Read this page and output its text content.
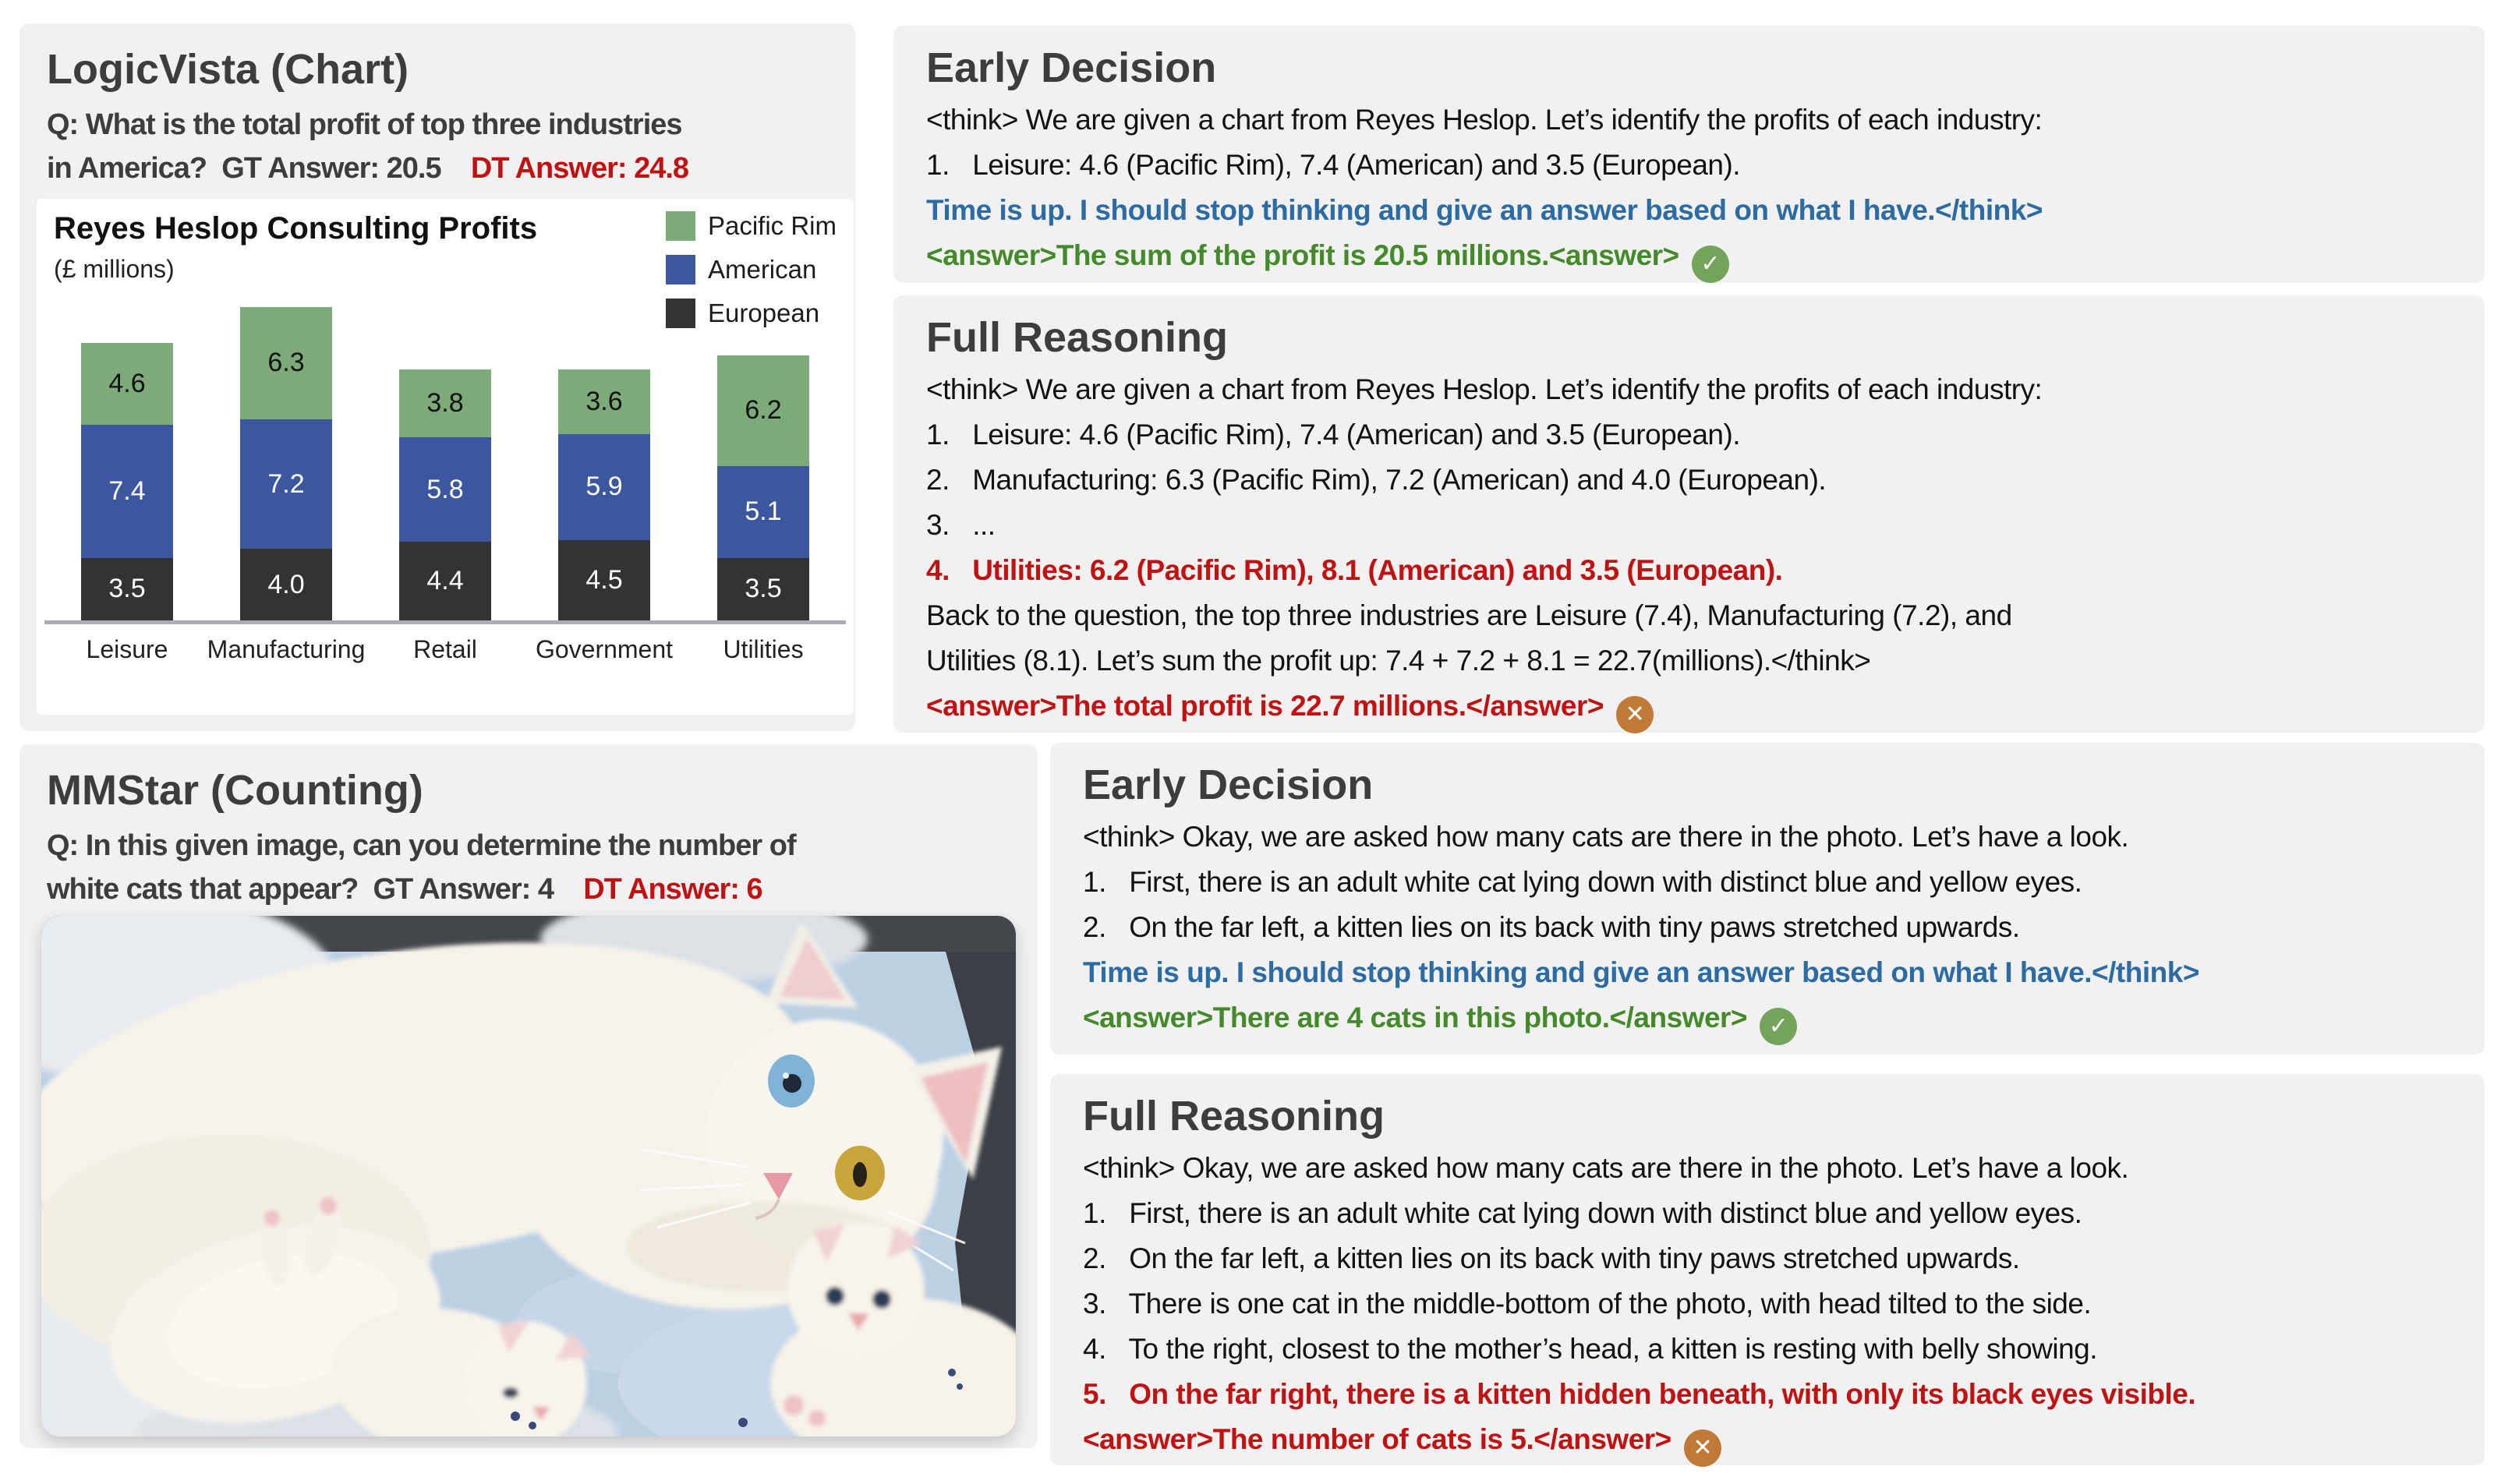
LogicVista (Chart)
Q: What is the total profit of top three industries
in America?  GT Answer: 20.5    DT Answer: 24.8
Reyes Heslop Consulting Profits
(£ millions)
Pacific Rim
American
European
4.6
7.4
3.5
6.3
7.2
4.0
3.8
5.8
4.4
3.6
5.9
4.5
6.2
5.1
3.5
Leisure	Manufacturing	Retail	Government	Utilities
Early Decision
<think> We are given a chart from Reyes Heslop. Let’s identify the profits of each industry:
1.   Leisure: 4.6 (Pacific Rim), 7.4 (American) and 3.5 (European).
Time is up. I should stop thinking and give an answer based on what I have.</think>
<answer>The sum of the profit is 20.5 millions.<answer> ✓
Full Reasoning
<think> We are given a chart from Reyes Heslop. Let’s identify the profits of each industry:
1.   Leisure: 4.6 (Pacific Rim), 7.4 (American) and 3.5 (European).
2.   Manufacturing: 6.3 (Pacific Rim), 7.2 (American) and 4.0 (European).
3.   ...
4.   Utilities: 6.2 (Pacific Rim), 8.1 (American) and 3.5 (European).
Back to the question, the top three industries are Leisure (7.4), Manufacturing (7.2), and
Utilities (8.1). Let’s sum the profit up: 7.4 + 7.2 + 8.1 = 22.7(millions).</think>
<answer>The total profit is 22.7 millions.</answer> ✕
MMStar (Counting)
Q: In this given image, can you determine the number of
white cats that appear?  GT Answer: 4    DT Answer: 6
Early Decision
<think> Okay, we are asked how many cats are there in the photo. Let’s have a look.
1.   First, there is an adult white cat lying down with distinct blue and yellow eyes.
2.   On the far left, a kitten lies on its back with tiny paws stretched upwards.
Time is up. I should stop thinking and give an answer based on what I have.</think>
<answer>There are 4 cats in this photo.</answer> ✓
Full Reasoning
<think> Okay, we are asked how many cats are there in the photo. Let’s have a look.
1.   First, there is an adult white cat lying down with distinct blue and yellow eyes.
2.   On the far left, a kitten lies on its back with tiny paws stretched upwards.
3.   There is one cat in the middle-bottom of the photo, with head tilted to the side.
4.   To the right, closest to the mother’s head, a kitten is resting with belly showing.
5.   On the far right, there is a kitten hidden beneath, with only its black eyes visible.
<answer>The number of cats is 5.</answer> ✕
